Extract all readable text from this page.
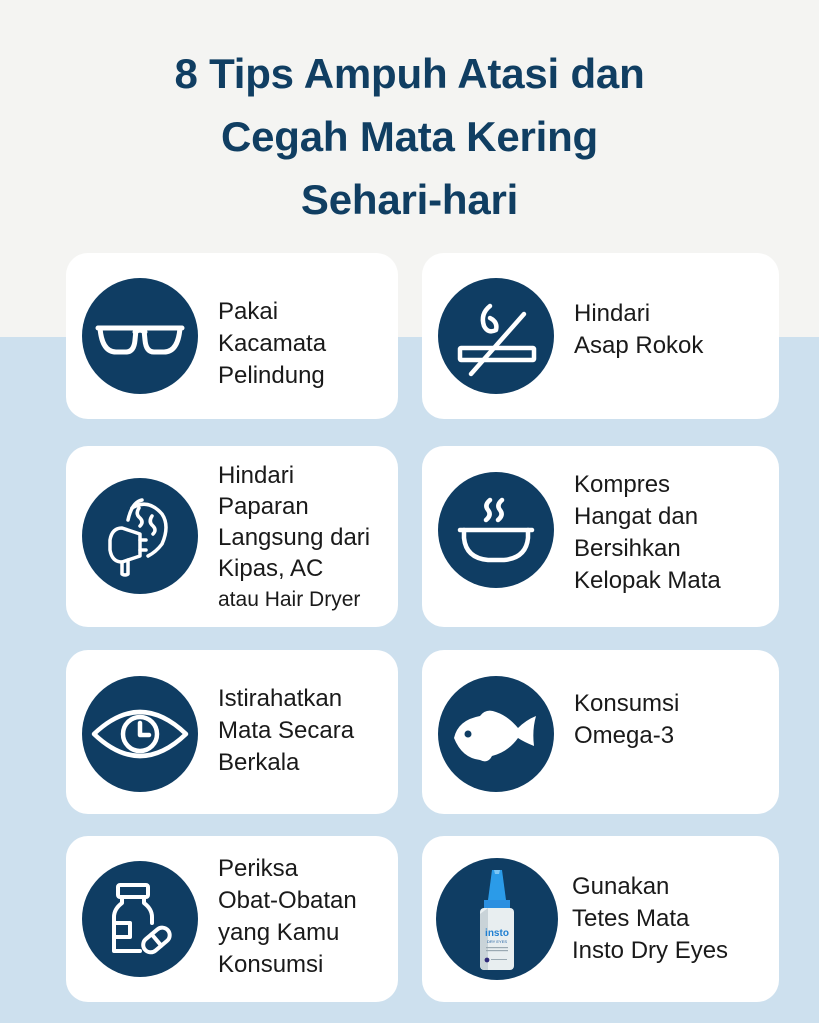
8 Tips Ampuh Atasi dan
Cegah Mata Kering
Sehari-hari
Pakai
Kacamata
Pelindung
Hindari
Asap Rokok
Hindari
Paparan
Langsung dari
Kipas, AC
atau Hair Dryer
Kompres
Hangat dan
Bersihkan
Kelopak Mata
Istirahatkan
Mata Secara
Berkala
Konsumsi
Omega-3
Periksa
Obat-Obatan
yang Kamu
Konsumsi
insto
DRY EYES
Gunakan
Tetes Mata
Insto Dry Eyes
